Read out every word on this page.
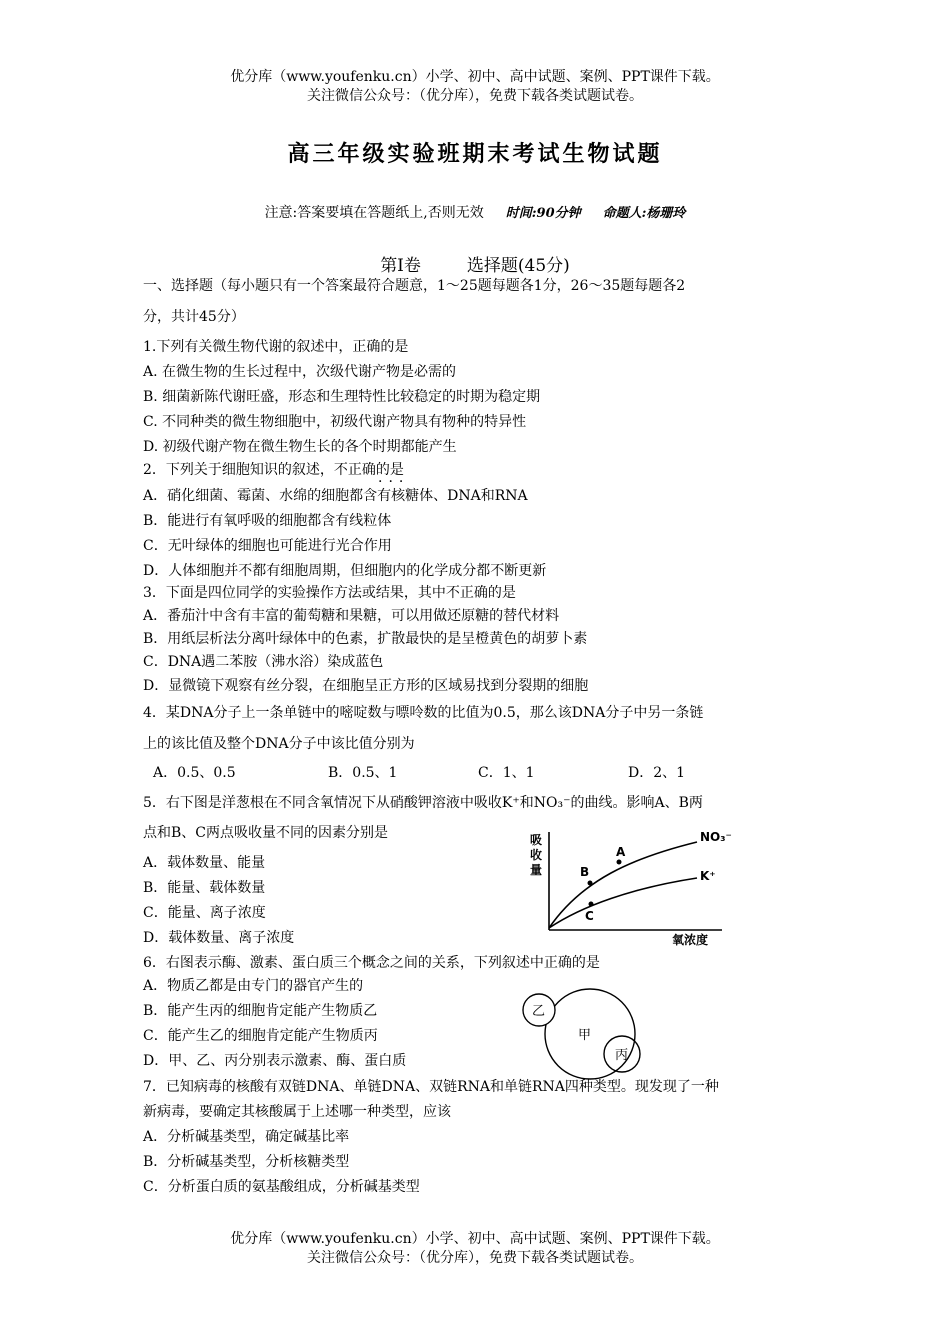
优分库（www.youfenku.cn）小学、初中、高中试题、案例、PPT课件下载。
关注微信公众号：（优分库），免费下载各类试题试卷。
高三年级实验班期末考试生物试题
注意:答案要填在答题纸上,否则无效 时间:90分钟 命题人:杨珊玲
第Ⅰ卷	选择题(45分)
一、选择题（每小题只有一个答案最符合题意，1～25题每题各1分，26～35题每题各2
分，共计45分）
1.下列有关微生物代谢的叙述中，正确的是
A. 在微生物的生长过程中，次级代谢产物是必需的
B. 细菌新陈代谢旺盛，形态和生理特性比较稳定的时期为稳定期
C. 不同种类的微生物细胞中，初级代谢产物具有物种的特异性
D. 初级代谢产物在微生物生长的各个时期都能产生
2．下列关于细胞知识的叙述，不正确的是
···
A．硝化细菌、霉菌、水绵的细胞都含有核糖体、DNA和RNA
B．能进行有氧呼吸的细胞都含有线粒体
C．无叶绿体的细胞也可能进行光合作用
D．人体细胞并不都有细胞周期，但细胞内的化学成分都不断更新
3．下面是四位同学的实验操作方法或结果，其中不正确的是
A．番茄汁中含有丰富的葡萄糖和果糖，可以用做还原糖的替代材料
B．用纸层析法分离叶绿体中的色素，扩散最快的是呈橙黄色的胡萝卜素
C．DNA遇二苯胺（沸水浴）染成蓝色
D．显微镜下观察有丝分裂，在细胞呈正方形的区域易找到分裂期的细胞
4．某DNA分子上一条单链中的嘧啶数与嘌呤数的比值为0.5，那么该DNA分子中另一条链
上的该比值及整个DNA分子中该比值分别为
A．0.5、0.5	B．0.5、1	C．1、1	D．2、1
5．右下图是洋葱根在不同含氧情况下从硝酸钾溶液中吸收K⁺和NO₃⁻的曲线。影响A、B两
点和B、C两点吸收量不同的因素分别是
A．载体数量、能量
B．能量、载体数量
C．能量、离子浓度
D．载体数量、离子浓度
吸
收
量
氧浓度
NO₃⁻
K⁺
A
B
C
6．右图表示酶、激素、蛋白质三个概念之间的关系，下列叙述中正确的是
A．物质乙都是由专门的器官产生的
B．能产生丙的细胞肯定能产生物质乙
C．能产生乙的细胞肯定能产生物质丙
D．甲、乙、丙分别表示激素、酶、蛋白质
乙
甲
丙
7．已知病毒的核酸有双链DNA、单链DNA、双链RNA和单链RNA四种类型。现发现了一种
新病毒，要确定其核酸属于上述哪一种类型，应该
A．分析碱基类型，确定碱基比率
B．分析碱基类型，分析核糖类型
C．分析蛋白质的氨基酸组成，分析碱基类型
优分库（www.youfenku.cn）小学、初中、高中试题、案例、PPT课件下载。
关注微信公众号：（优分库），免费下载各类试题试卷。
